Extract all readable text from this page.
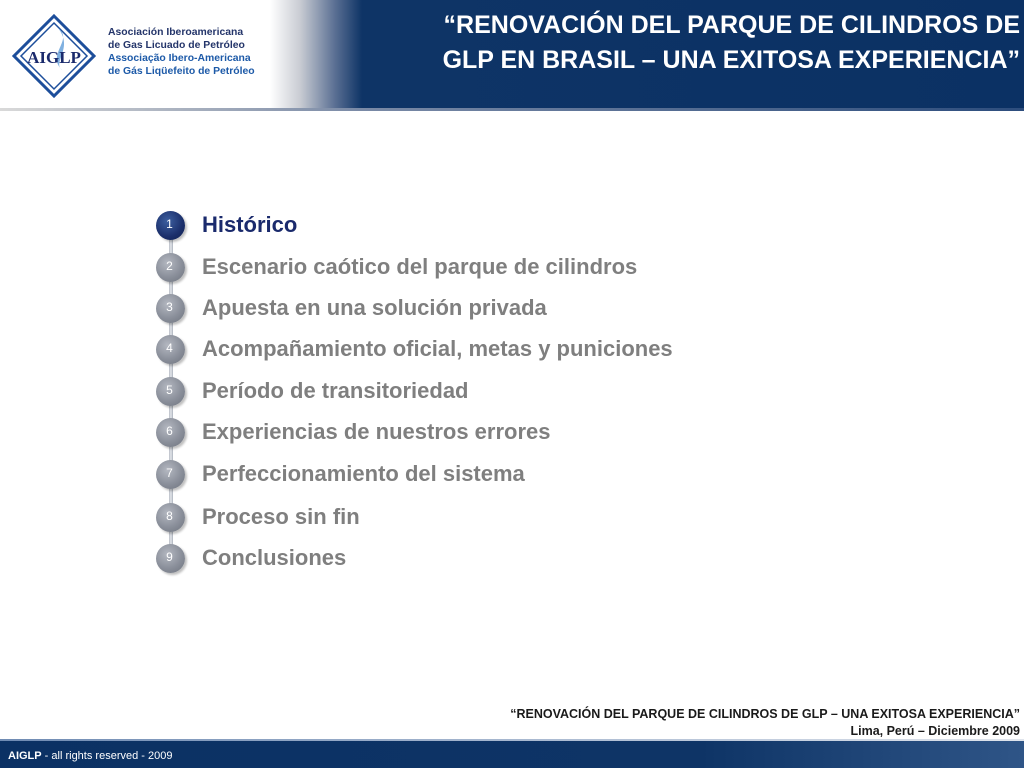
AIGLP
Asociación Iberoamericana
de Gas Licuado de Petróleo
Associação Ibero-Americana
de Gás Liqüefeito de Petróleo
“RENOVACIÓN DEL PARQUE DE CILINDROS DE
GLP EN BRASIL – UNA EXITOSA EXPERIENCIA”
1	Histórico
2	Escenario caótico del parque de cilindros
3	Apuesta en una solución privada
4	Acompañamiento oficial, metas y puniciones
5	Período de transitoriedad
6	Experiencias de nuestros errores
7	Perfeccionamiento del sistema
8	Proceso sin fin
9	Conclusiones
“RENOVACIÓN DEL PARQUE DE CILINDROS DE GLP – UNA EXITOSA EXPERIENCIA”
Lima, Perú – Diciembre 2009
AIGLP - all rights reserved - 2009
